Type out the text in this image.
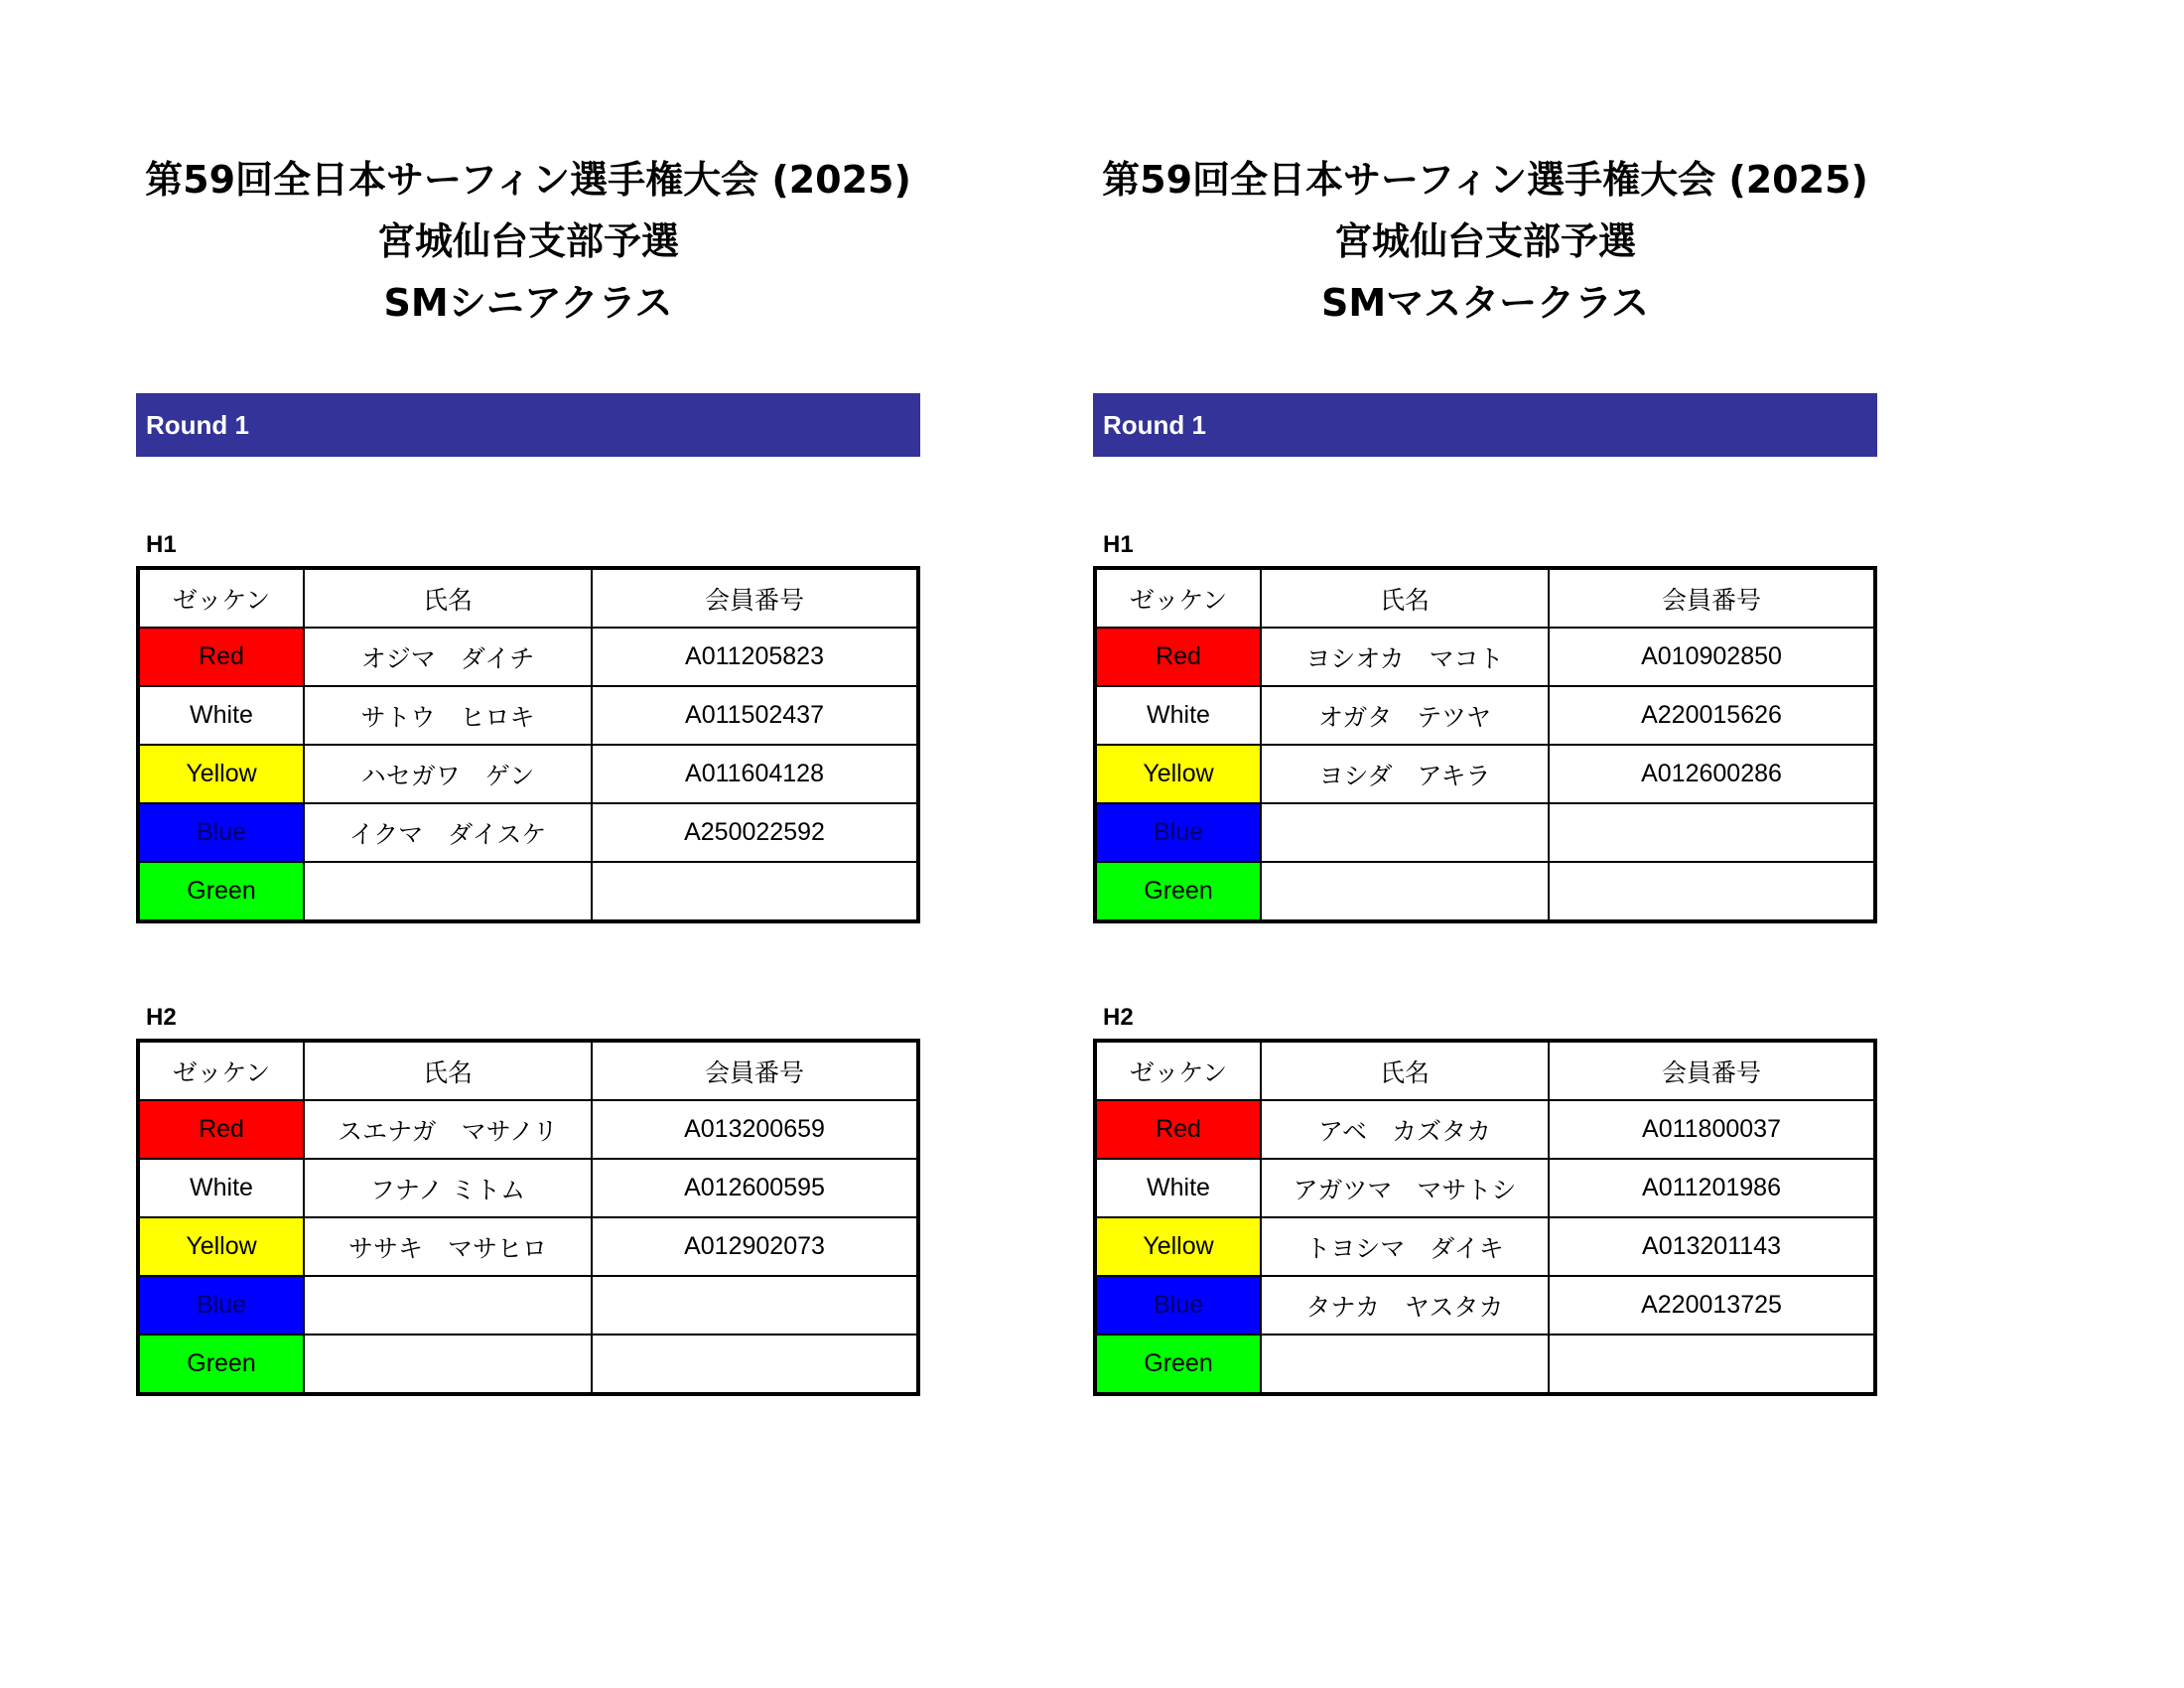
第59回全日本サーフィン選手権大会 (2025)
宮城仙台支部予選
SMシニアクラス
Round 1
H1
ゼッケン	氏名	会員番号
Red	オジマ　ダイチ	A011205823
White	サトウ　ヒロキ	A011502437
Yellow	ハセガワ　ゲン	A011604128
Blue	イクマ　ダイスケ	A250022592
Green		
H2
ゼッケン	氏名	会員番号
Red	スエナガ　マサノリ	A013200659
White	フナノ ミトム	A012600595
Yellow	ササキ　マサヒロ	A012902073
Blue		
Green		
第59回全日本サーフィン選手権大会 (2025)
宮城仙台支部予選
SMマスタークラス
Round 1
H1
ゼッケン	氏名	会員番号
Red	ヨシオカ　マコト	A010902850
White	オガタ　テツヤ	A220015626
Yellow	ヨシダ　アキラ	A012600286
Blue		
Green		
H2
ゼッケン	氏名	会員番号
Red	アベ　カズタカ	A011800037
White	アガツマ　マサトシ	A011201986
Yellow	トヨシマ　ダイキ	A013201143
Blue	タナカ　ヤスタカ	A220013725
Green		
